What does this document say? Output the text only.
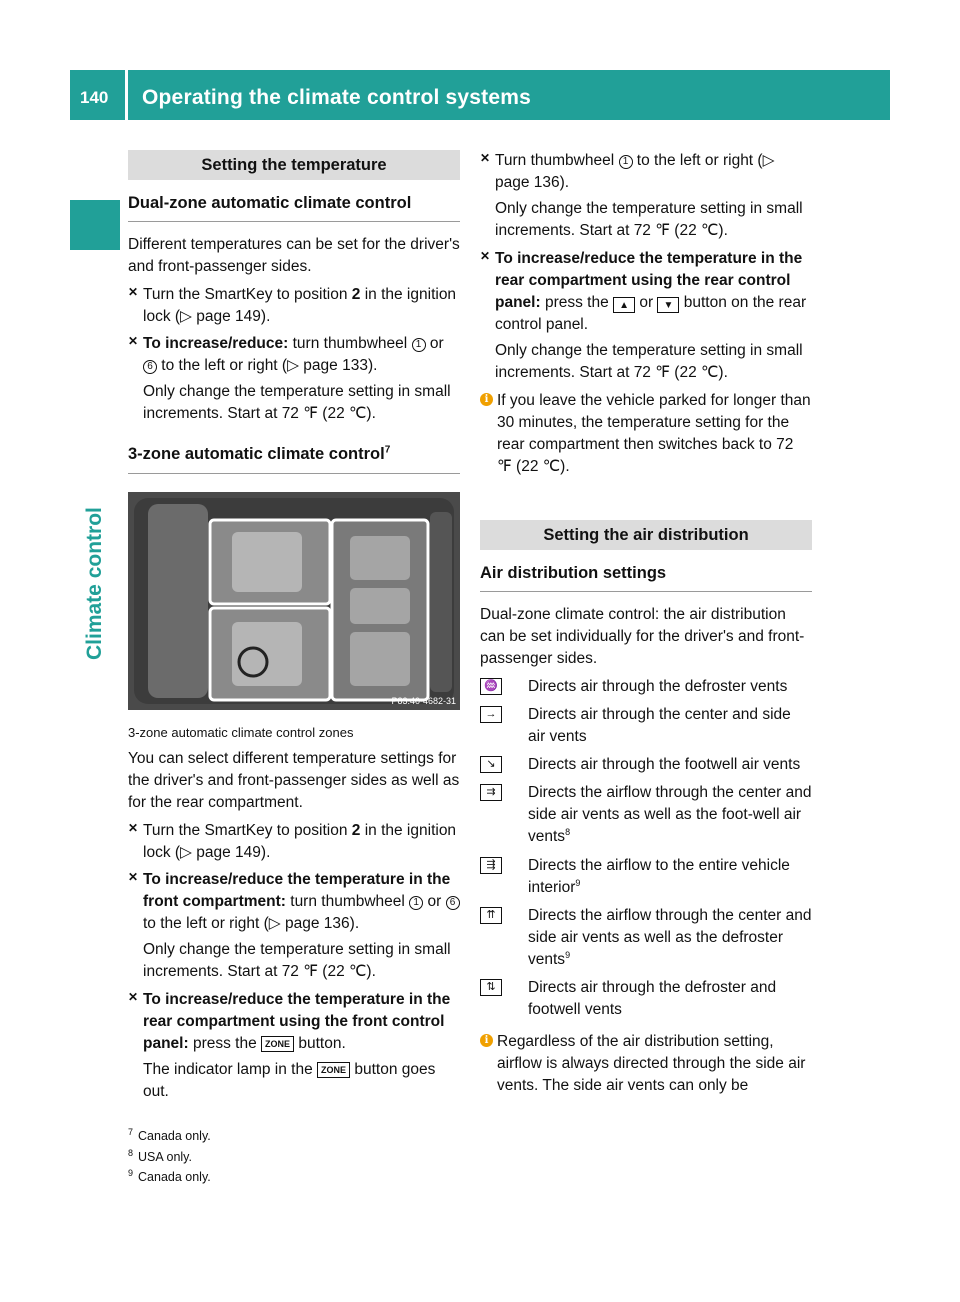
140 Operating the climate control systems
Climate control
Setting the temperature
Dual-zone automatic climate control

Different temperatures can be set for the driver's and front-passenger sides.

✕ Turn the SmartKey to position 2 in the ignition lock (▷ page 149).
✕ To increase/reduce: turn thumbwheel 1 or 6 to the left or right (▷ page 133).

Only change the temperature setting in small increments. Start at 72 ℉ (22 ℃).

3-zone automatic climate control$^7$
P83.40-4682-31
3-zone automatic climate control zones

You can select different temperature settings for the driver's and front-passenger sides as well as for the rear compartment.

✕ Turn the SmartKey to position 2 in the ignition lock (▷ page 149).
✕ To increase/reduce the temperature in the front compartment: turn thumbwheel 1 or 6 to the left or right (▷ page 136).

Only change the temperature setting in small increments. Start at 72 ℉ (22 ℃).

✕ To increase/reduce the temperature in the rear compartment using the front control panel: press the ZONE button.

The indicator lamp in the ZONE button goes out.

✕ Turn thumbwheel 1 to the left or right (▷ page 136).

Only change the temperature setting in small increments. Start at 72 ℉ (22 ℃).

✕ To increase/reduce the temperature in the rear compartment using the rear control panel: press the ▲ or ▼ button on the rear control panel.

Only change the temperature setting in small increments. Start at 72 ℉ (22 ℃).

i If you leave the vehicle parked for longer than 30 minutes, the temperature setting for the rear compartment then switches back to 72 ℉ (22 ℃).
Setting the air distribution
Air distribution settings

Dual-zone climate control: the air distribution can be set individually for the driver's and front-passenger sides.

♒ Directs air through the defroster vents
→	Directs air through the center and side air vents
↘	Directs air through the footwell air vents
⇉	Directs the airflow through the center and side air vents as well as the foot-well air vents$^8$
⇶	Directs the airflow to the entire vehicle interior$^9$
⇈	Directs the airflow through the center and side air vents as well as the defroster vents$^9$
⇅	Directs air through the defroster and footwell vents
i Regardless of the air distribution setting, airflow is always directed through the side air vents. The side air vents can only be
$^7$ Canada only.
$^8$ USA only.
$^9$ Canada only.
